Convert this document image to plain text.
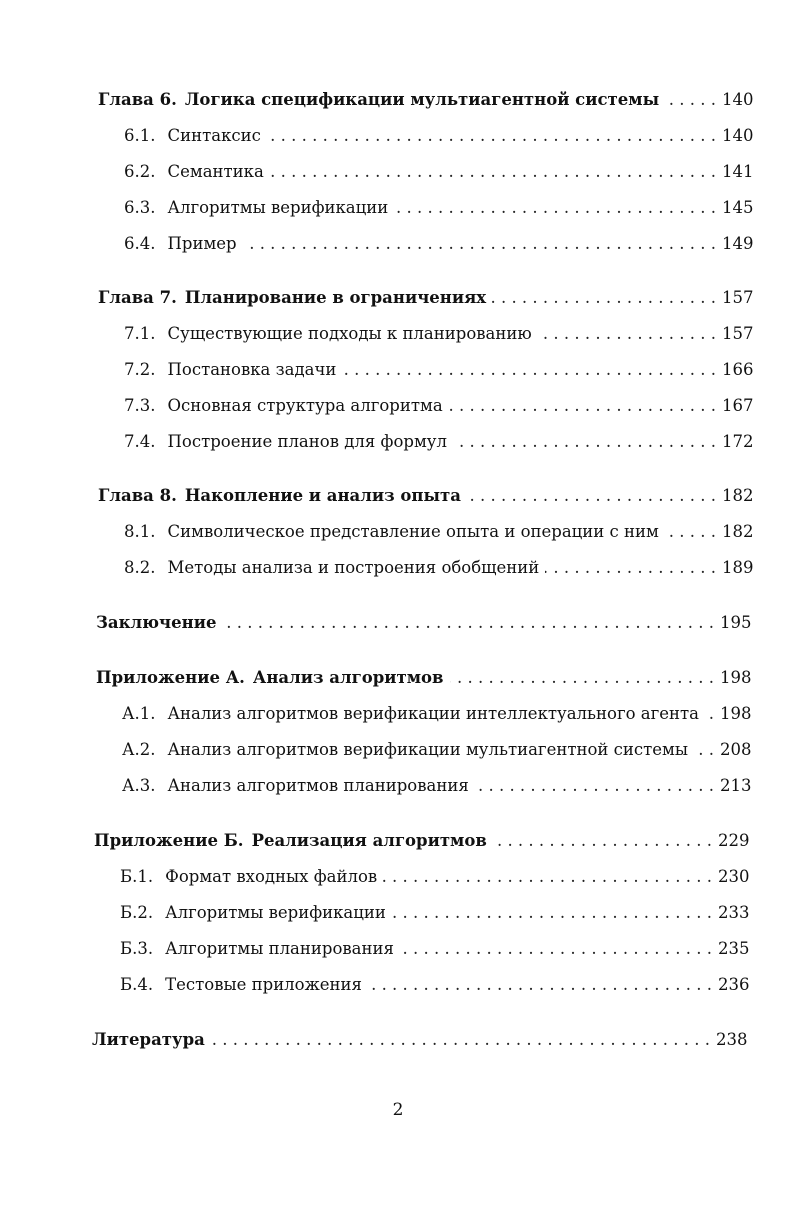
Глава 6. Логика спецификации мультиагентной системы . . .	140
6.1. Синтаксис . . .	140
6.2. Семантика . . .	141
6.3. Алгоритмы верификации . . .	145
6.4. Пример . . .	149
Глава 7. Планирование в ограничениях . . .	157
7.1. Существующие подходы к планированию . . .	157
7.2. Постановка задачи . . .	166
7.3. Основная структура алгоритма . . .	167
7.4. Построение планов для формул . . .	172
Глава 8. Накопление и анализ опыта . . .	182
8.1. Символическое представление опыта и операции с ним . . .	182
8.2. Методы анализа и построения обобщений . . .	189
Заключение . . .	195
Приложение А. Анализ алгоритмов . . .	198
А.1. Анализ алгоритмов верификации интеллектуального агента . . . 198
А.2. Анализ алгоритмов верификации мультиагентной системы . . . 208
А.3. Анализ алгоритмов планирования . . .	213
Приложение Б. Реализация алгоритмов . . .	229
Б.1. Формат входных файлов . . .	230
Б.2. Алгоритмы верификации . . .	233
Б.3. Алгоритмы планирования . . .	235
Б.4. Тестовые приложения . . .	236
Литература . . .	238
2
